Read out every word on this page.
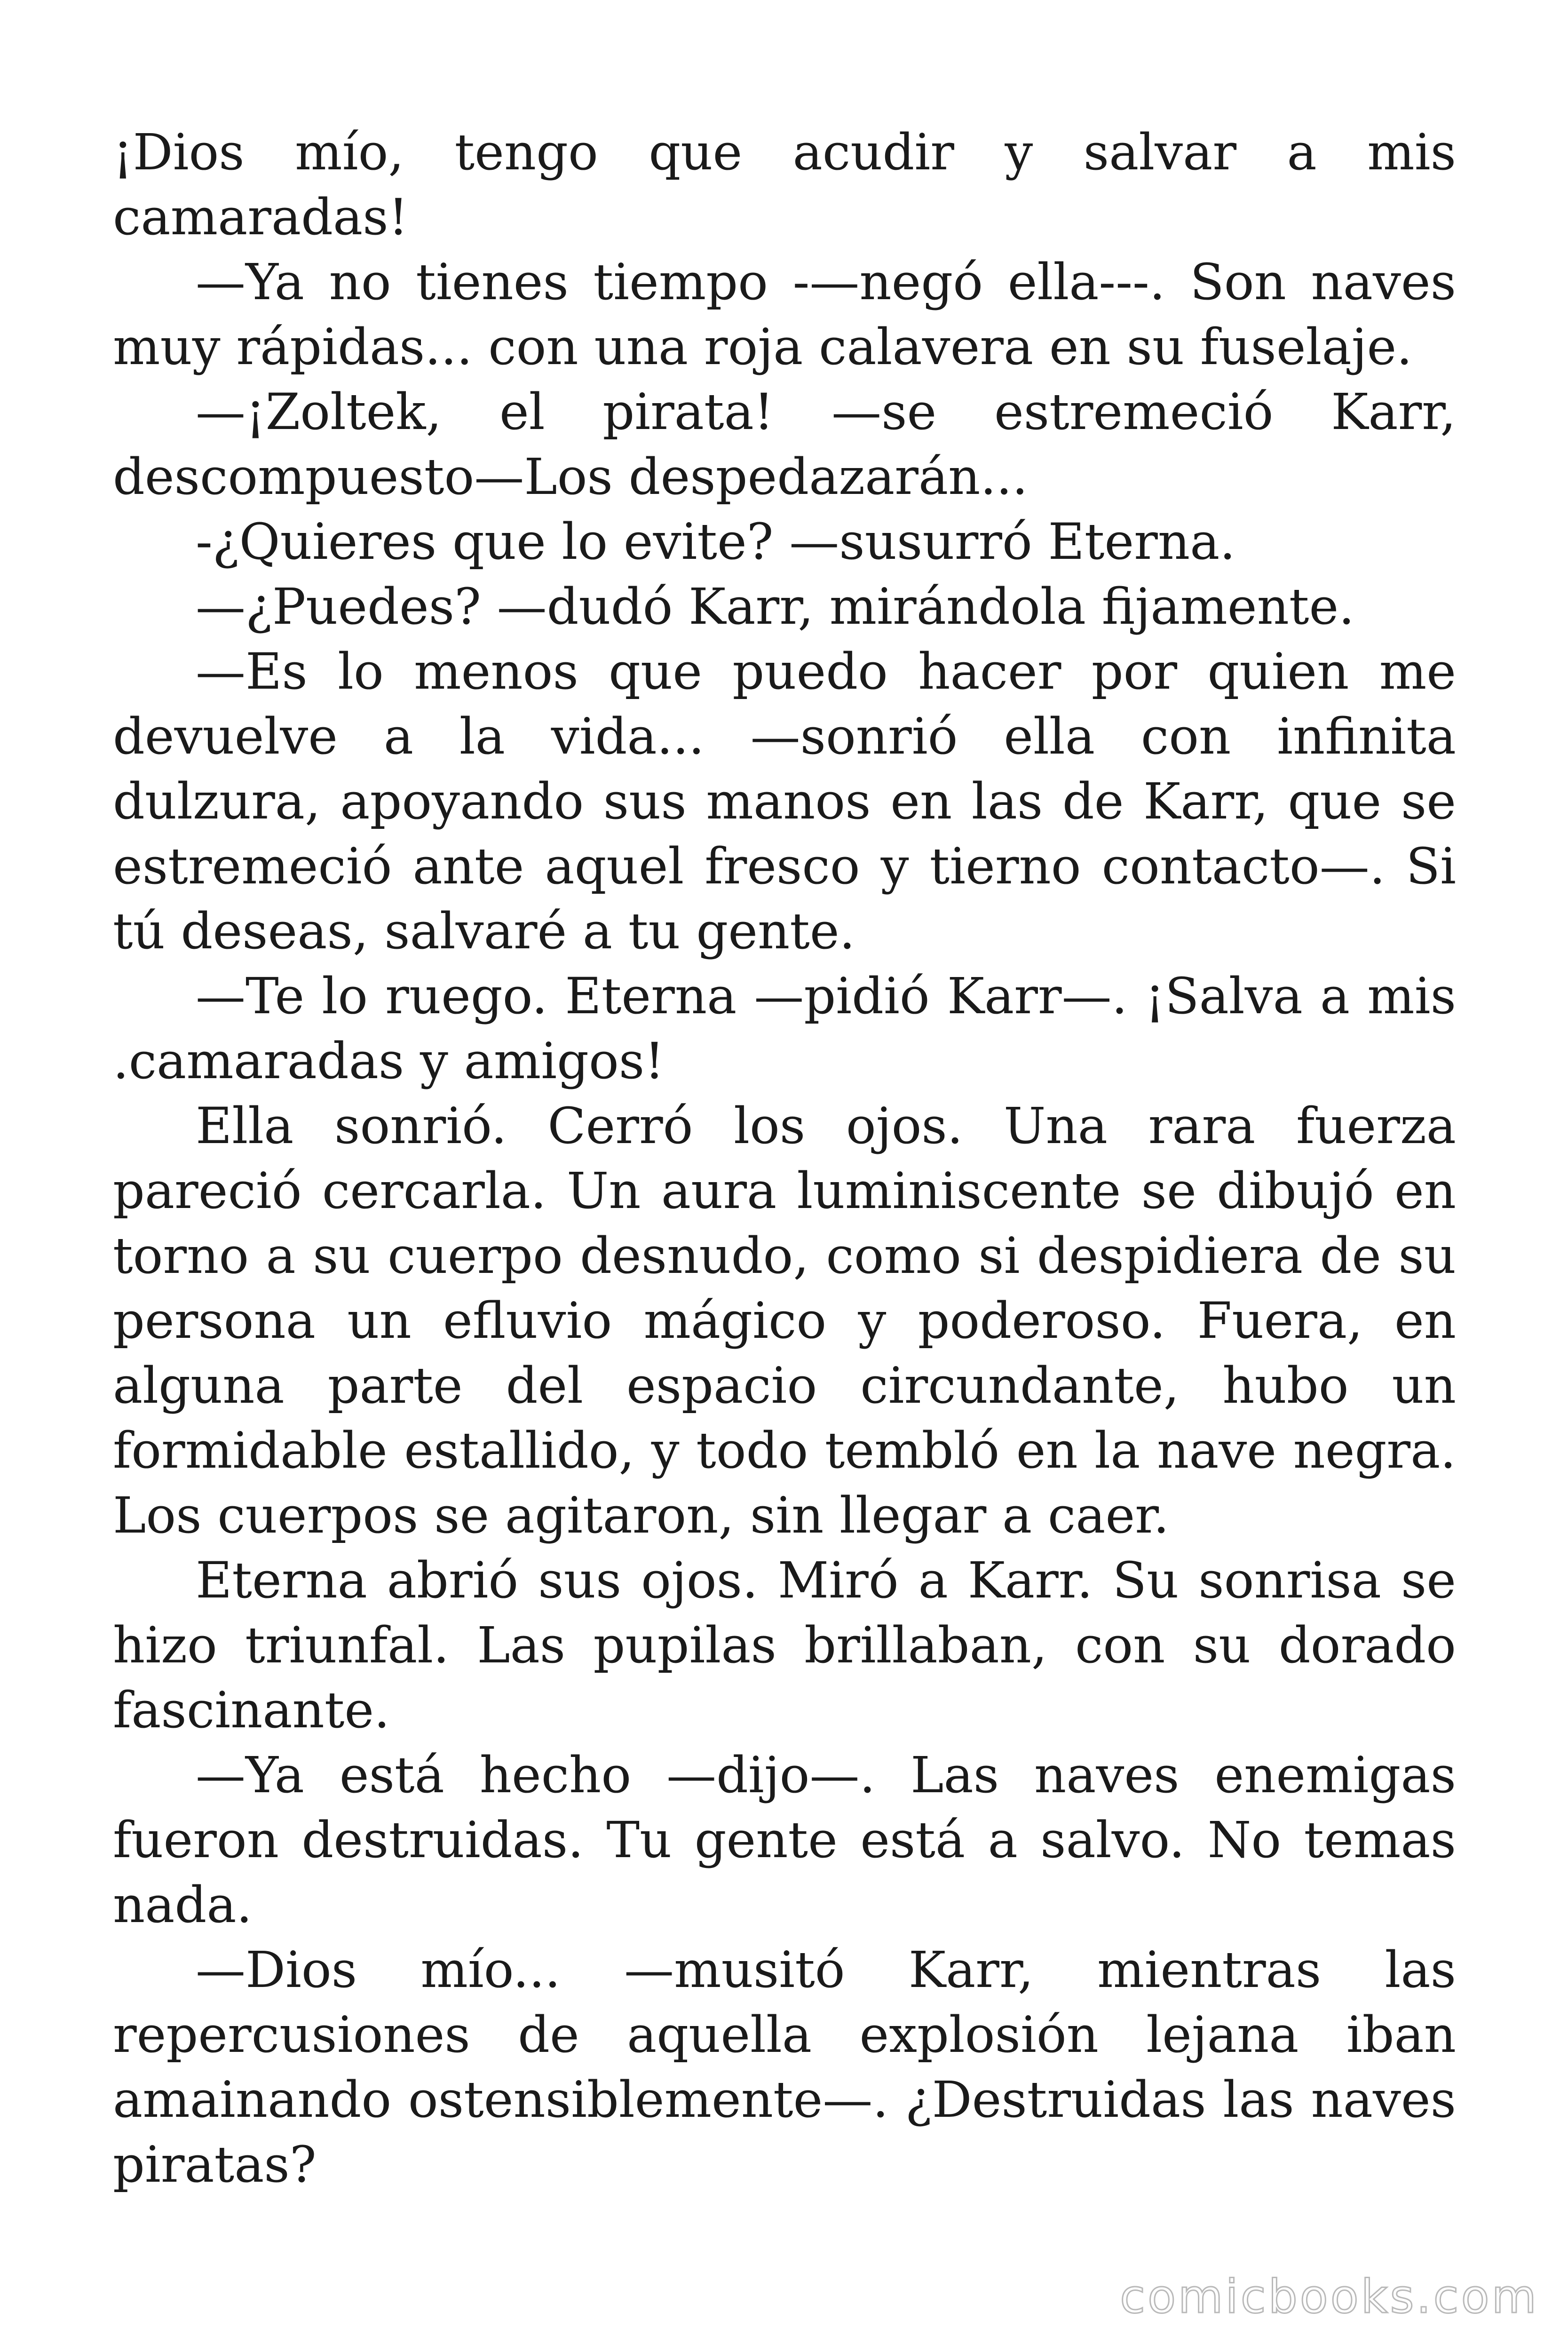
¡Dios mío, tengo que acudir y salvar a mis camaradas!

—Ya no tienes tiempo -—negó ella---. Son naves muy rápidas... con una roja calavera en su fuselaje.

—¡Zoltek, el pirata! —se estremeció Karr, descompuesto—Los despedazarán...

-¿Quieres que lo evite? —susurró Eterna.

—¿Puedes? —dudó Karr, mirándola fijamente.

—Es lo menos que puedo hacer por quien me devuelve a la vida... —sonrió ella con infinita dulzura, apoyando sus manos en las de Karr, que se estremeció ante aquel fresco y tierno contacto—. Si tú deseas, salvaré a tu gente.

—Te lo ruego. Eterna —pidió Karr—. ¡Salva a mis .camaradas y amigos!

Ella sonrió. Cerró los ojos. Una rara fuerza pareció cercarla. Un aura luminiscente se dibujó en torno a su cuerpo desnudo, como si despidiera de su persona un efluvio mágico y poderoso. Fuera, en alguna parte del espacio circundante, hubo un formidable estallido, y todo tembló en la nave negra. Los cuerpos se agitaron, sin llegar a caer.

Eterna abrió sus ojos. Miró a Karr. Su sonrisa se hizo triunfal. Las pupilas brillaban, con su dorado fascinante.

—Ya está hecho —dijo—. Las naves enemigas fueron destruidas. Tu gente está a salvo. No temas nada.

—Dios mío... —musitó Karr, mientras las repercusiones de aquella explosión lejana iban amainando ostensiblemente—. ¿Destruidas las naves piratas?

comicbooks.com
